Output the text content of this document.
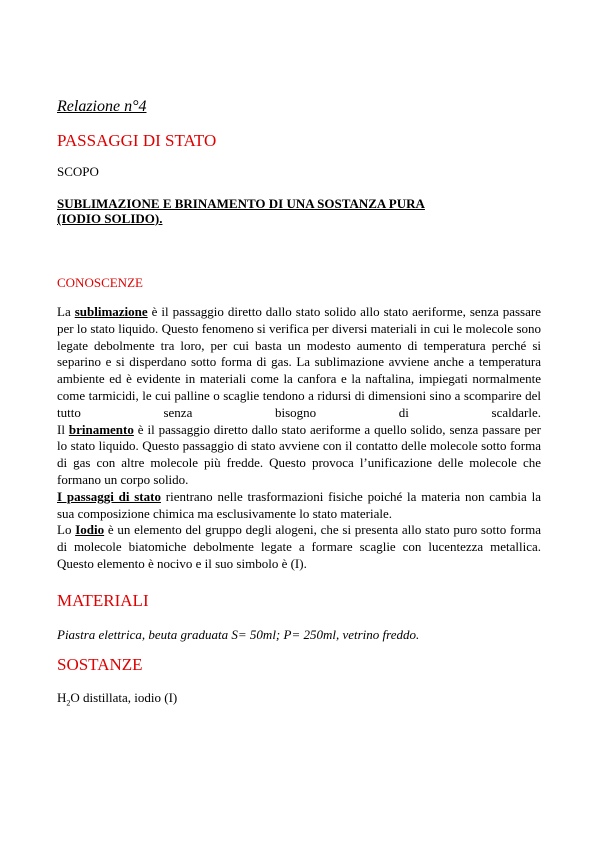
Relazione n°4

PASSAGGI DI STATO

SCOPO

SUBLIMAZIONE E BRINAMENTO DI UNA SOSTANZA PURA
(IODIO SOLIDO).

CONOSCENZE

La sublimazione è il passaggio diretto dallo stato solido allo stato aeriforme, senza passare per lo stato liquido. Questo fenomeno si verifica per diversi materiali in cui le molecole sono legate debolmente tra loro, per cui basta un modesto aumento di temperatura perché si separino e si disperdano sotto forma di gas. La sublimazione avviene anche a temperatura ambiente ed è evidente in materiali come la canfora e la naftalina, impiegati normalmente come tarmicidi, le cui palline o scaglie tendono a ridursi di dimensioni sino a scomparire del tutto senza bisogno di scaldarle.

Il brinamento è il passaggio diretto dallo stato aeriforme a quello solido, senza passare per lo stato liquido. Questo passaggio di stato avviene con il contatto delle molecole sotto forma di gas con altre molecole più fredde. Questo provoca l’unificazione delle molecole che formano un corpo solido.

I passaggi di stato rientrano nelle trasformazioni fisiche poiché la materia non cambia la sua composizione chimica ma esclusivamente lo stato materiale.

Lo Iodio è un elemento del gruppo degli alogeni, che si presenta allo stato puro sotto forma di molecole biatomiche debolmente legate a formare scaglie con lucentezza metallica. Questo elemento è nocivo e il suo simbolo è (I).

MATERIALI

Piastra elettrica, beuta graduata S= 50ml; P= 250ml, vetrino freddo.

SOSTANZE

$H_2O$ distillata, iodio (I)
